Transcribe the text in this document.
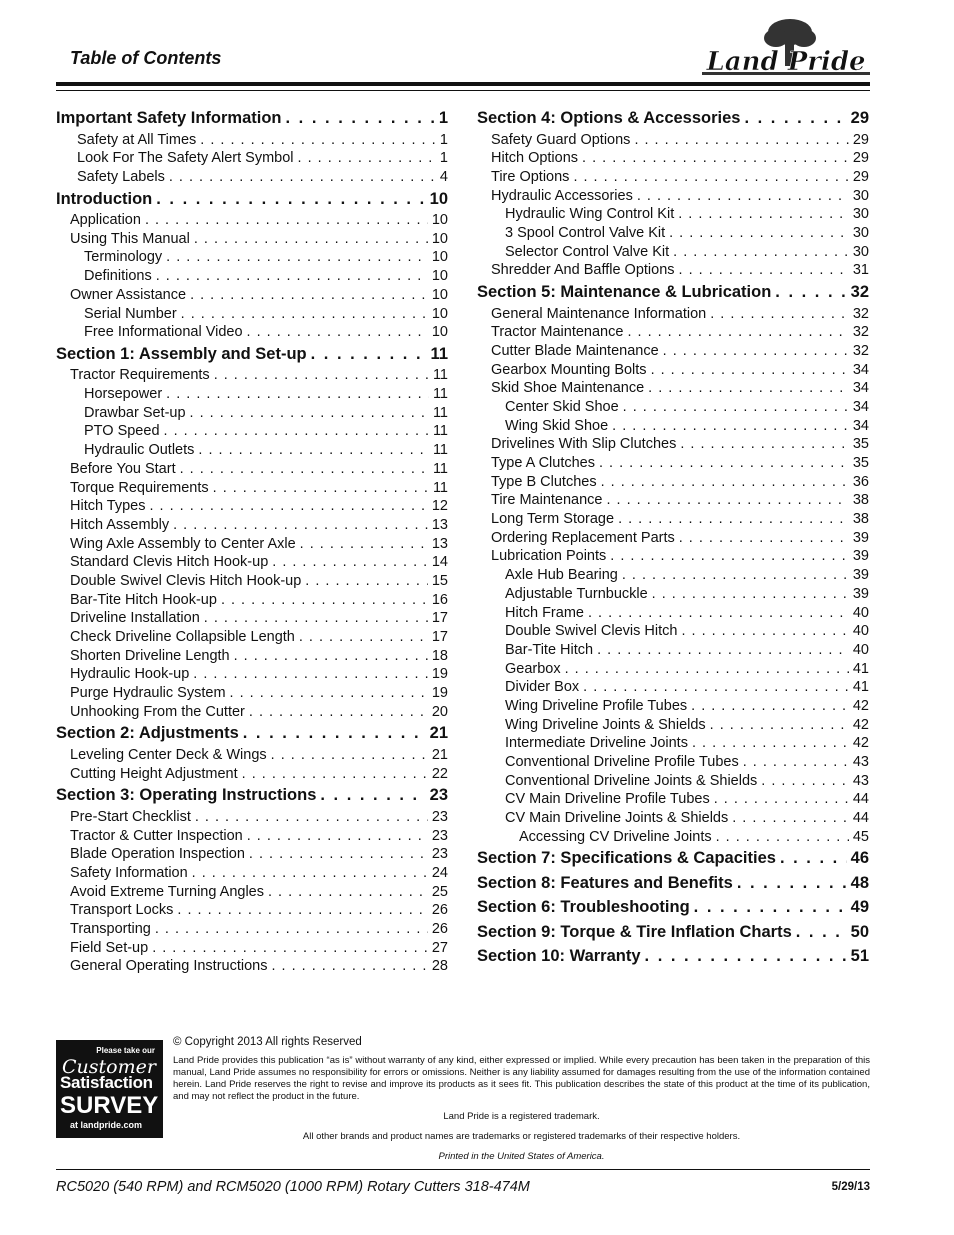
Table of Contents	Land Pride
Important Safety Information . . .	1
Safety at All Times . . .	1
Look For The Safety Alert Symbol . . .	1
Safety Labels . . .	4
Introduction . . .	10
Application . . .	10
Using This Manual . . .	10
Terminology . . .	10
Definitions . . .	10
Owner Assistance . . .	10
Serial Number . . .	10
Free Informational Video . . .	10
Section 1: Assembly and Set-up . . .	11
Tractor Requirements . . .	11
Horsepower . . .	11
Drawbar Set-up . . .	11
PTO Speed . . .	11
Hydraulic Outlets . . .	11
Before You Start . . .	11
Torque Requirements . . .	11
Hitch Types . . .	12
Hitch Assembly . . .	13
Wing Axle Assembly to Center Axle . . .	13
Standard Clevis Hitch Hook-up . . .	14
Double Swivel Clevis Hitch Hook-up . . .	15
Bar-Tite Hitch Hook-up . . .	16
Driveline Installation . . .	17
Check Driveline Collapsible Length . . .	17
Shorten Driveline Length . . .	18
Hydraulic Hook-up . . .	19
Purge Hydraulic System . . .	19
Unhooking From the Cutter . . .	20
Section 2: Adjustments . . .	21
Leveling Center Deck & Wings . . .	21
Cutting Height Adjustment . . .	22
Section 3: Operating Instructions . . .	23
Pre-Start Checklist . . .	23
Tractor & Cutter Inspection . . .	23
Blade Operation Inspection . . .	23
Safety Information . . .	24
Avoid Extreme Turning Angles . . .	25
Transport Locks . . .	26
Transporting . . .	26
Field Set-up . . .	27
General Operating Instructions . . .	28
Section 4: Options & Accessories . . .	29
Safety Guard Options . . .	29
Hitch Options . . .	29
Tire Options . . .	29
Hydraulic Accessories . . .	30
Hydraulic Wing Control Kit . . .	30
3 Spool Control Valve Kit . . .	30
Selector Control Valve Kit . . .	30
Shredder And Baffle Options . . .	31
Section 5: Maintenance & Lubrication . . .	32
General Maintenance Information . . .	32
Tractor Maintenance . . .	32
Cutter Blade Maintenance . . .	32
Gearbox Mounting Bolts . . .	34
Skid Shoe Maintenance . . .	34
Center Skid Shoe . . .	34
Wing Skid Shoe . . .	34
Drivelines With Slip Clutches . . .	35
Type A Clutches . . .	35
Type B Clutches . . .	36
Tire Maintenance . . .	38
Long Term Storage . . .	38
Ordering Replacement Parts . . .	39
Lubrication Points . . .	39
Axle Hub Bearing . . .	39
Adjustable Turnbuckle . . .	39
Hitch Frame . . .	40
Double Swivel Clevis Hitch . . .	40
Bar-Tite Hitch . . .	40
Gearbox . . .	41
Divider Box . . .	41
Wing Driveline Profile Tubes . . .	42
Wing Driveline Joints & Shields . . .	42
Intermediate Driveline Joints . . .	42
Conventional Driveline Profile Tubes . . .	43
Conventional Driveline Joints & Shields . . .	43
CV Main Driveline Profile Tubes . . .	44
CV Main Driveline Joints & Shields . . .	44
Accessing CV Driveline Joints . . .	45
Section 7: Specifications & Capacities . . .	46
Section 8: Features and Benefits . . .	48
Section 6: Troubleshooting . . .	49
Section 9: Torque & Tire Inflation Charts . . .	50
Section 10: Warranty . . .	51
Please take our
Customer
Satisfaction
SURVEY
at landpride.com
© Copyright 2013 All rights Reserved
Land Pride provides this publication “as is” without warranty of any kind, either expressed or implied. While every precaution has been taken in the preparation of this manual, Land Pride assumes no responsibility for errors or omissions. Neither is any liability assumed for damages resulting from the use of the information contained herein. Land Pride reserves the right to revise and improve its products as it sees fit. This publication describes the state of this product at the time of its publication, and may not reflect the product in the future.
Land Pride is a registered trademark.
All other brands and product names are trademarks or registered trademarks of their respective holders.
Printed in the United States of America.
RC5020 (540 RPM) and RCM5020 (1000 RPM) Rotary Cutters 318-474M	5/29/13
